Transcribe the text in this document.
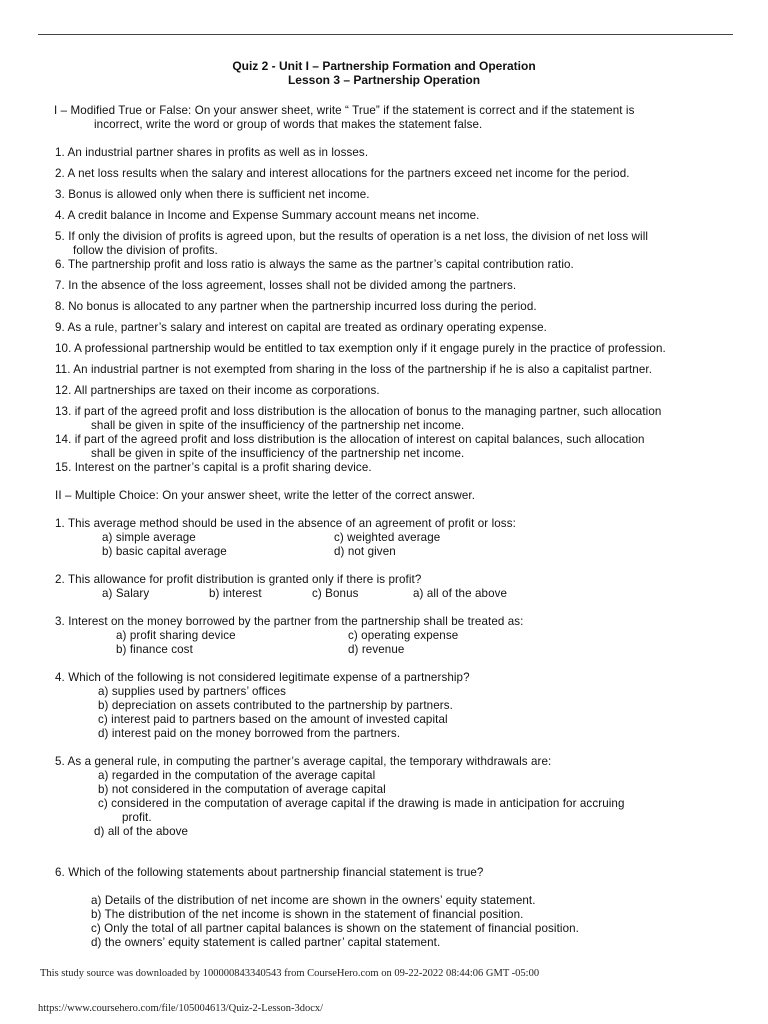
Quiz 2 - Unit I – Partnership Formation and Operation
Lesson 3 – Partnership Operation
I – Modified True or False: On your answer sheet, write “ True” if the statement is correct and if the statement is
incorrect, write the word or group of words that makes the statement false.
1. An industrial partner shares in profits as well as in losses.
2. A net loss results when the salary and interest allocations for the partners exceed net income for the period.
3. Bonus is allowed only when there is sufficient net income.
4. A credit balance in Income and Expense Summary account means net income.
5. If only the division of profits is agreed upon, but the results of operation is a net loss, the division of net loss will
follow the division of profits.
6. The partnership profit and loss ratio is always the same as the partner’s capital contribution ratio.
7. In the absence of the loss agreement, losses shall not be divided among the partners.
8. No bonus is allocated to any partner when the partnership incurred loss during the period.
9. As a rule, partner’s salary and interest on capital are treated as ordinary operating expense.
10. A professional partnership would be entitled to tax exemption only if it engage purely in the practice of profession.
11. An industrial partner is not exempted from sharing in the loss of the partnership if he is also a capitalist partner.
12. All partnerships are taxed on their income as corporations.
13. if part of the agreed profit and loss distribution is the allocation of bonus to the managing partner, such allocation
shall be given in spite of the insufficiency of the partnership net income.
14. if part of the agreed profit and loss distribution is the allocation of interest on capital balances, such allocation
shall be given in spite of the insufficiency of the partnership net income.
15. Interest on the partner’s capital is a profit sharing device.
II – Multiple Choice: On your answer sheet, write the letter of the correct answer.
1. This average method should be used in the absence of an agreement of profit or loss:
a) simple average	c) weighted average
b) basic capital average	d) not given
2. This allowance for profit distribution is granted only if there is profit?
a) Salary	b) interest	c) Bonus	a) all of the above
3. Interest on the money borrowed by the partner from the partnership shall be treated as:
a) profit sharing device	c) operating expense
b) finance cost	d) revenue
4. Which of the following is not considered legitimate expense of a partnership?
a) supplies used by partners’ offices
b) depreciation on assets contributed to the partnership by partners.
c) interest paid to partners based on the amount of invested capital
d) interest paid on the money borrowed from the partners.
5. As a general rule, in computing the partner’s average capital, the temporary withdrawals are:
a) regarded in the computation of the average capital
b) not considered in the computation of average capital
c) considered in the computation of average capital if the drawing is made in anticipation for accruing
profit.
d) all of the above
6. Which of the following statements about partnership financial statement is true?
a) Details of the distribution of net income are shown in the owners’ equity statement.
b) The distribution of the net income is shown in the statement of financial position.
c) Only the total of all partner capital balances is shown on the statement of financial position.
d) the owners’ equity statement is called partner’ capital statement.
This study source was downloaded by 100000843340543 from CourseHero.com on 09-22-2022 08:44:06 GMT -05:00
https://www.coursehero.com/file/105004613/Quiz-2-Lesson-3docx/
